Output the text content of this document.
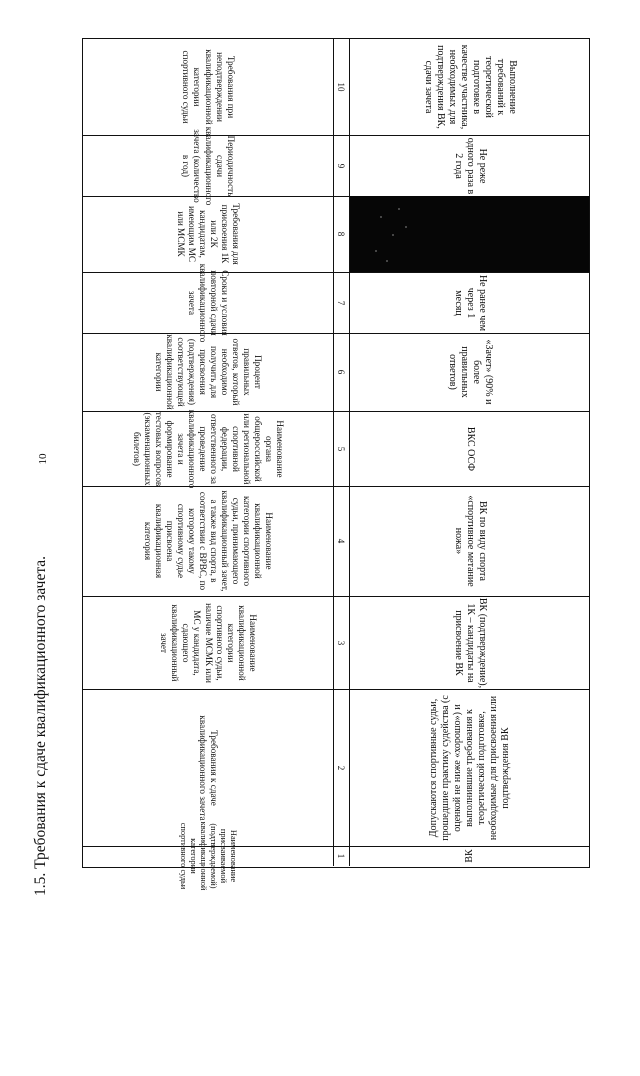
10
1.5. Требования к сдаче квалификационного зачета.
Требования при неподтверждении квалификационной категории спортивного судьи	10	Выполнение требований к теоретической подготовке в качестве участника, необходимых для подтверждения ВК, сдачи зачета
Периодичность сдачи квалификационного зачета (количество в год)	9	Не реже одного раза в 2 года
Требования для присвоения 1К или 2К кандидатам, имеющим МС или МСМК	8
Сроки и условия повторной сдачи квалификационного зачета	7	Не ранее чем через 1 месяц
Процент правильных ответов, который необходимо получить для присвоения (подтверждения) соответствующей квалификационной категории	6	«Зачет» (90% и более правильных ответов)
Наименование органа общероссийской или региональной спортивной федерации, ответственного за проведение квалификационного зачета и формирование тестовых вопросов (экзаменационных билетов)	5	ВКС ОСФ
Наименование квалификационной категории спортивного судьи, принимающего квалификационный зачет, а также вид спорта, в соответствии с ВРВС, по которому такому спортивному судье присвоена квалификационная категория	4	ВК по виду спорта «спортивное метание ножа»
Наименование квалификационной категории спортивного судьи, наличие МСМК или МС у кандидата, сдающего квалификационный зачет	3	ВК (подтверждение), 1К – кандидаты на присвоение ВК
Требования к сдаче квалификационного зачета	2	Допускаются спортивные судьи, прошедшие практику судейства (с оценкой не ниже «хорошо») и выполнившие требования к теоретической подготовке, необходимые для присвоения или подтверждения ВК
Наименование присваиваемой (подтверждаемой) квалификационной категории спортивного судьи	1	ВК
